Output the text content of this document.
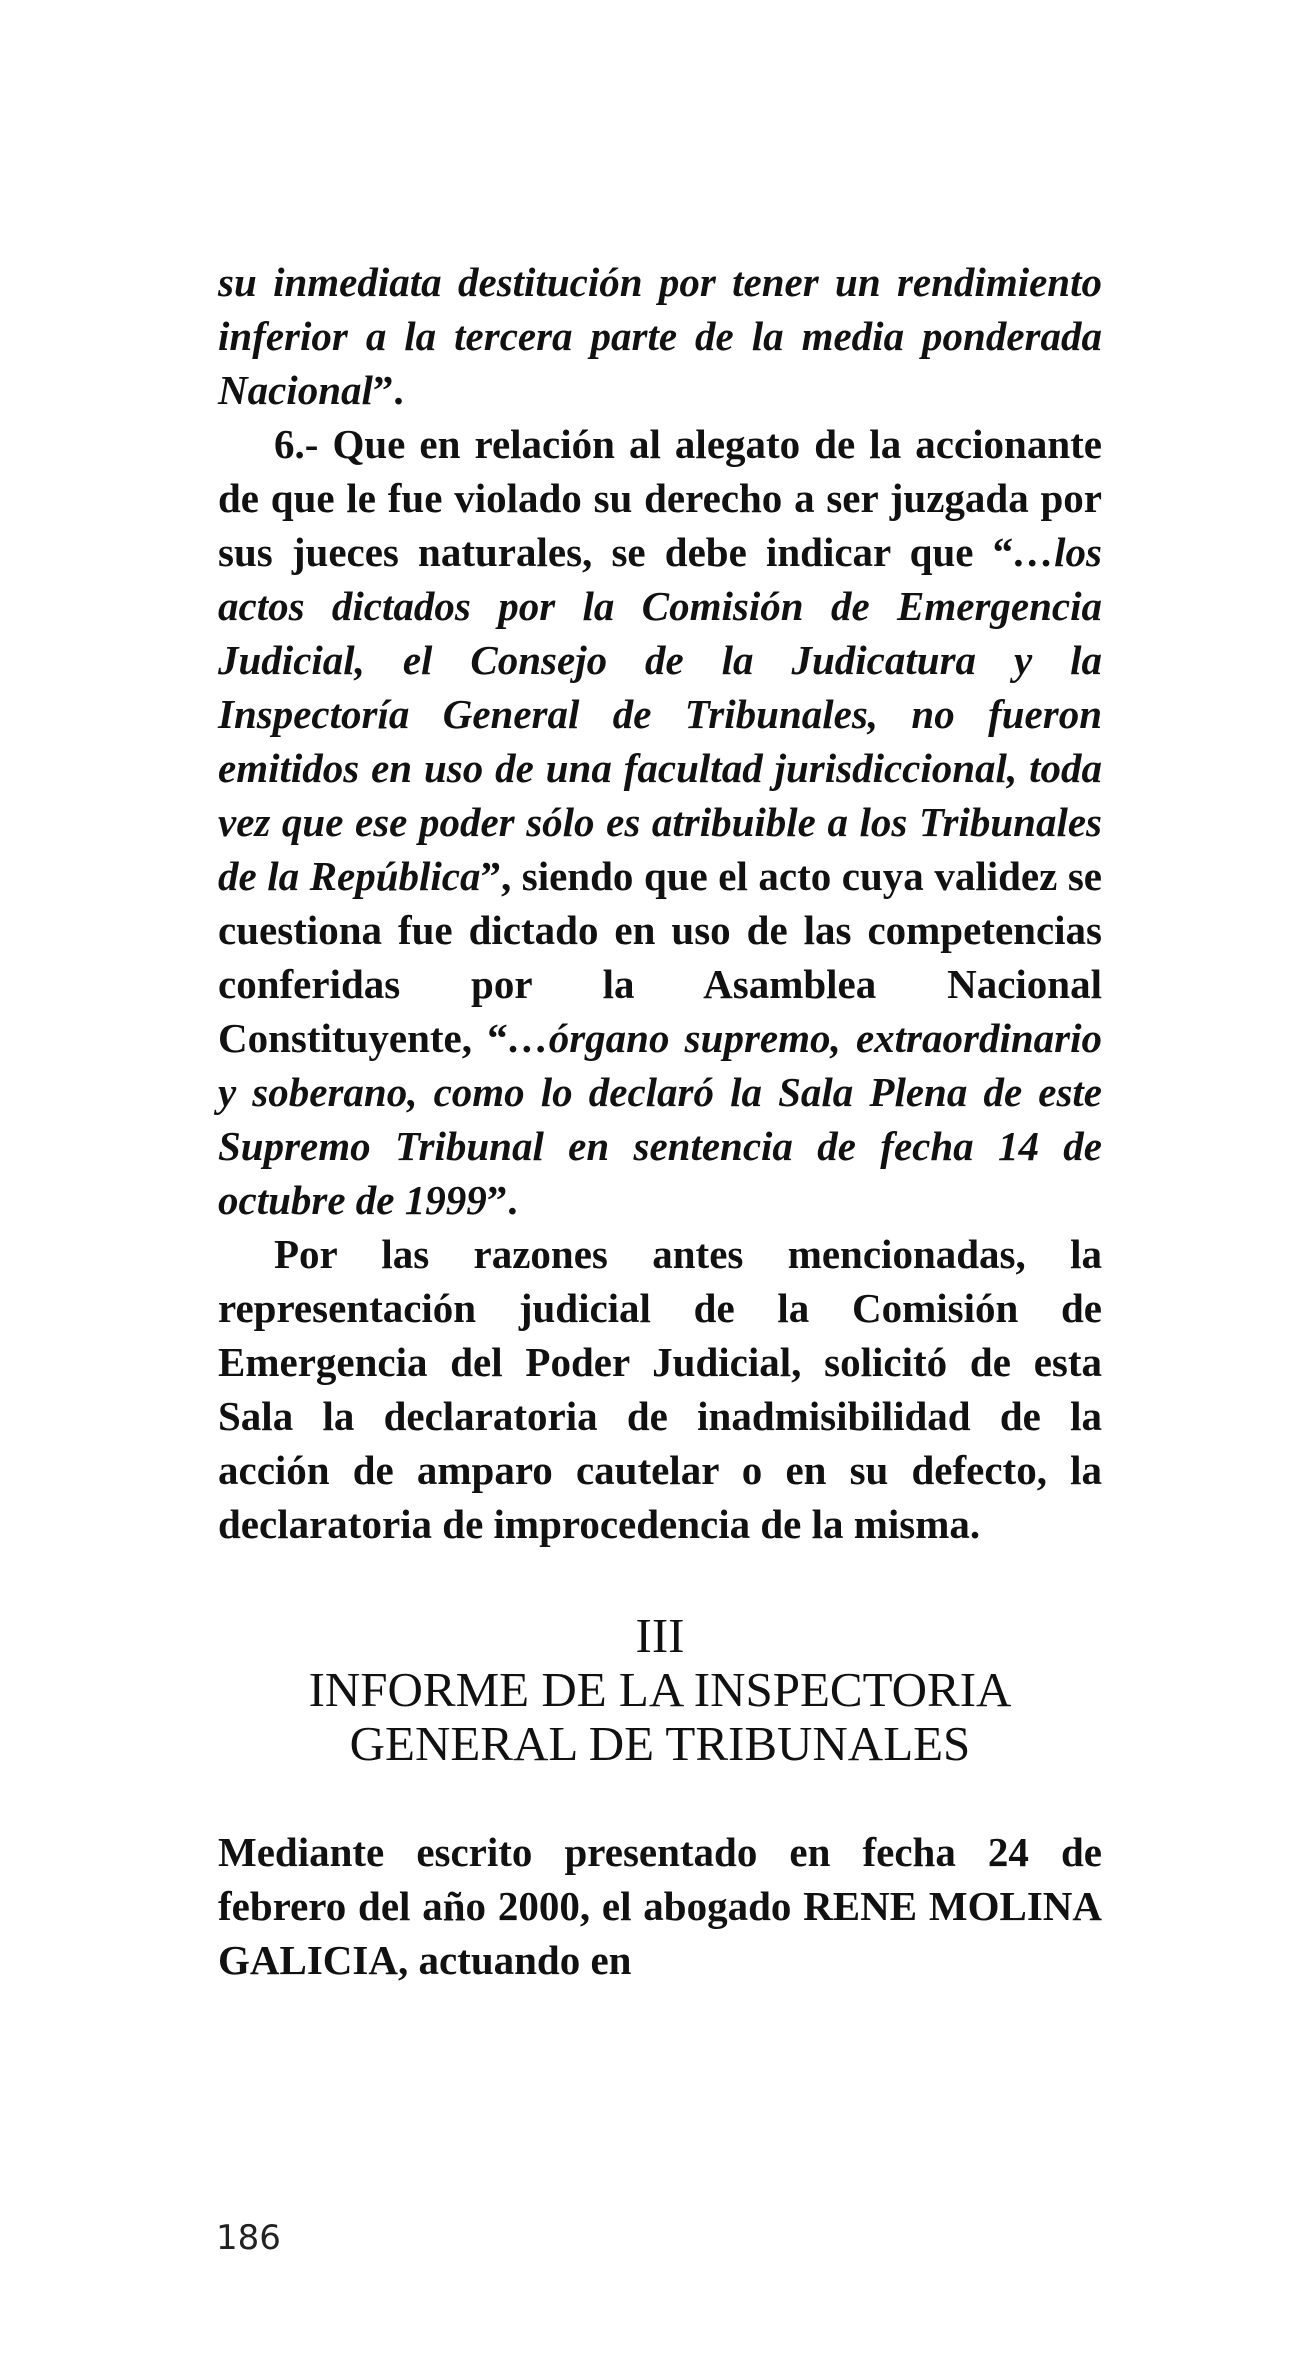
su inmediata destitución por tener un rendimiento inferior a la tercera parte de la media ponderada Nacional”.

6.- Que en relación al alegato de la accionante de que le fue violado su derecho a ser juzgada por sus jueces naturales, se debe indicar que “…los actos dictados por la Comisión de Emergencia Judicial, el Consejo de la Judicatura y la Inspectoría General de Tribunales, no fueron emitidos en uso de una facultad jurisdiccional, toda vez que ese poder sólo es atribuible a los Tribunales de la República”, siendo que el acto cuya validez se cuestiona fue dictado en uso de las competencias conferidas por la Asamblea Nacional Constituyente, “…órgano supremo, extraordinario y soberano, como lo declaró la Sala Plena de este Supremo Tribunal en sentencia de fecha 14 de octubre de 1999”.

Por las razones antes mencionadas, la representación judicial de la Comisión de Emergencia del Poder Judicial, solicitó de esta Sala la declaratoria de inadmisibilidad de la acción de amparo cautelar o en su defecto, la declaratoria de improcedencia de la misma.

III
INFORME DE LA INSPECTORIA
GENERAL DE TRIBUNALES

Mediante escrito presentado en fecha 24 de febrero del año 2000, el abogado RENE MOLINA GALICIA, actuando en

186
